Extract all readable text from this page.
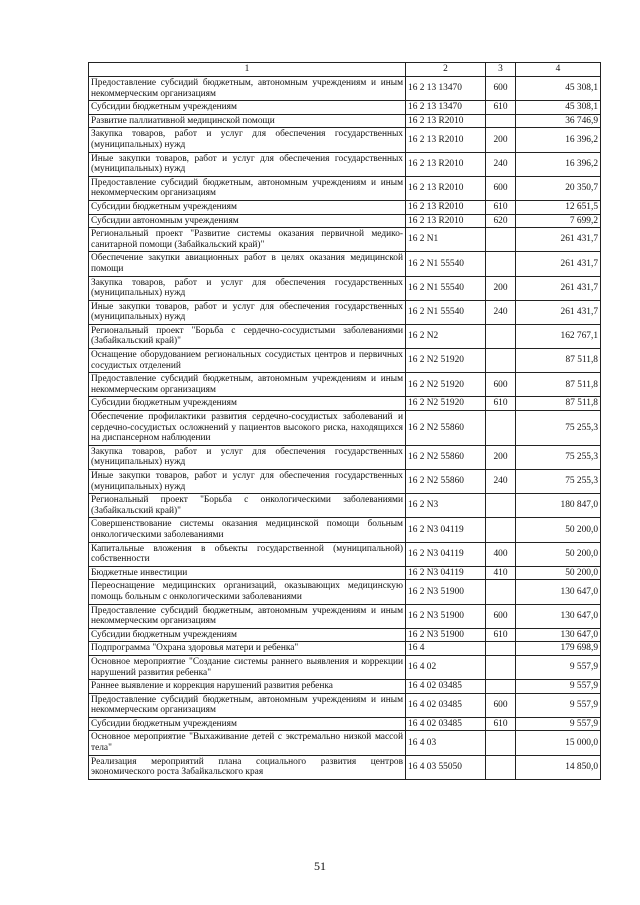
1	2	3	4
Предоставление субсидий бюджетным, автономным учреждениям и иным некоммерческим организациям	16 2 13 13470	600	45 308,1
Субсидии бюджетным учреждениям	16 2 13 13470	610	45 308,1
Развитие паллиативной медицинской помощи	16 2 13 R2010		36 746,9
Закупка товаров, работ и услуг для обеспечения государственных (муниципальных) нужд	16 2 13 R2010	200	16 396,2
Иные закупки товаров, работ и услуг для обеспечения государственных (муниципальных) нужд	16 2 13 R2010	240	16 396,2
Предоставление субсидий бюджетным, автономным учреждениям и иным некоммерческим организациям	16 2 13 R2010	600	20 350,7
Субсидии бюджетным учреждениям	16 2 13 R2010	610	12 651,5
Субсидии автономным учреждениям	16 2 13 R2010	620	7 699,2
Региональный проект "Развитие системы оказания первичной медико-санитарной помощи (Забайкальский край)"	16 2 N1		261 431,7
Обеспечение закупки авиационных работ в целях оказания медицинской помощи	16 2 N1 55540		261 431,7
Закупка товаров, работ и услуг для обеспечения государственных (муниципальных) нужд	16 2 N1 55540	200	261 431,7
Иные закупки товаров, работ и услуг для обеспечения государственных (муниципальных) нужд	16 2 N1 55540	240	261 431,7
Региональный проект "Борьба с сердечно-сосудистыми заболеваниями (Забайкальский край)"	16 2 N2		162 767,1
Оснащение оборудованием региональных сосудистых центров и первичных сосудистых отделений	16 2 N2 51920		87 511,8
Предоставление субсидий бюджетным, автономным учреждениям и иным некоммерческим организациям	16 2 N2 51920	600	87 511,8
Субсидии бюджетным учреждениям	16 2 N2 51920	610	87 511,8
Обеспечение профилактики развития сердечно-сосудистых заболеваний и сердечно-сосудистых осложнений у пациентов высокого риска, находящихся на диспансерном наблюдении	16 2 N2 55860		75 255,3
Закупка товаров, работ и услуг для обеспечения государственных (муниципальных) нужд	16 2 N2 55860	200	75 255,3
Иные закупки товаров, работ и услуг для обеспечения государственных (муниципальных) нужд	16 2 N2 55860	240	75 255,3
Региональный проект "Борьба с онкологическими заболеваниями (Забайкальский край)"	16 2 N3		180 847,0
Совершенствование системы оказания медицинской помощи больным онкологическими заболеваниями	16 2 N3 04119		50 200,0
Капитальные вложения в объекты государственной (муниципальной) собственности	16 2 N3 04119	400	50 200,0
Бюджетные инвестиции	16 2 N3 04119	410	50 200,0
Переоснащение медицинских организаций, оказывающих медицинскую помощь больным с онкологическими заболеваниями	16 2 N3 51900		130 647,0
Предоставление субсидий бюджетным, автономным учреждениям и иным некоммерческим организациям	16 2 N3 51900	600	130 647,0
Субсидии бюджетным учреждениям	16 2 N3 51900	610	130 647,0
Подпрограмма "Охрана здоровья матери и ребенка"	16 4		179 698,9
Основное мероприятие "Создание системы раннего выявления и коррекции нарушений развития ребенка"	16 4 02		9 557,9
Раннее выявление и коррекция нарушений развития ребенка	16 4 02 03485		9 557,9
Предоставление субсидий бюджетным, автономным учреждениям и иным некоммерческим организациям	16 4 02 03485	600	9 557,9
Субсидии бюджетным учреждениям	16 4 02 03485	610	9 557,9
Основное мероприятие "Выхаживание детей с экстремально низкой массой тела"	16 4 03		15 000,0
Реализация мероприятий плана социального развития центров экономического роста Забайкальского края	16 4 03 55050		14 850,0
51
